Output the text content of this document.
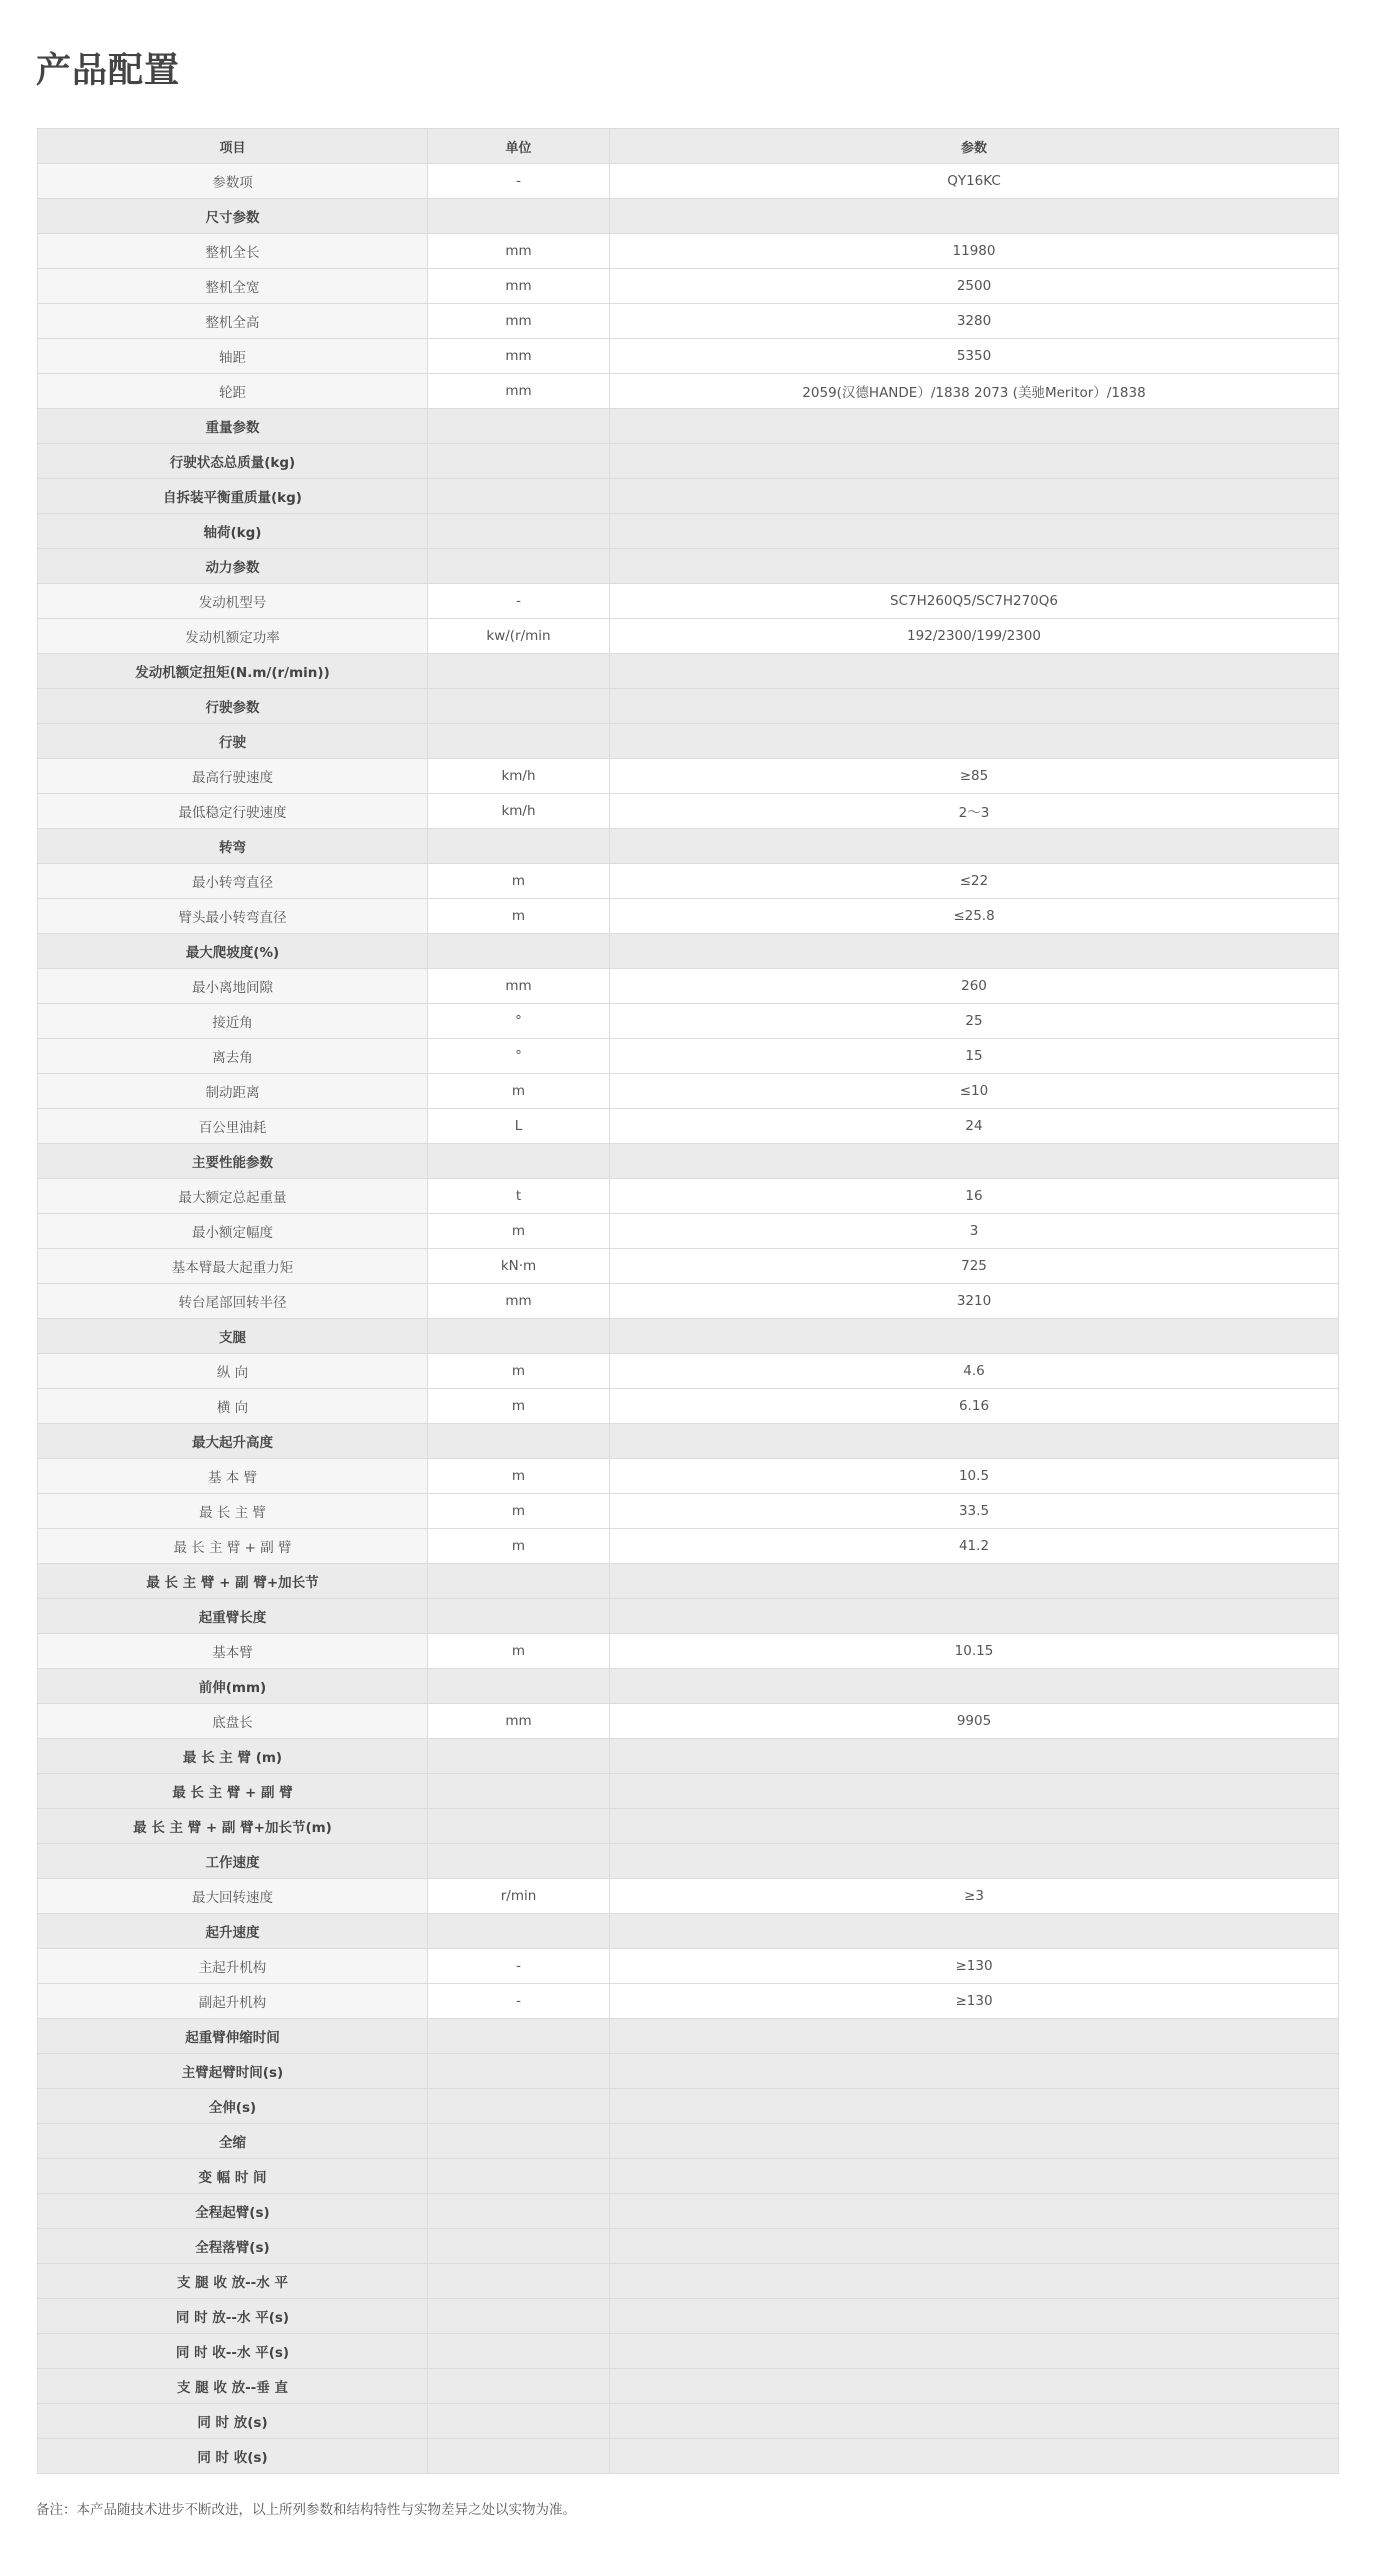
产品配置
项目	单位	参数
参数项	-	QY16KC
尺寸参数		
整机全长	mm	11980
整机全宽	mm	2500
整机全高	mm	3280
轴距	mm	5350
轮距	mm	2059(汉德HANDE）/1838 2073 (美驰Meritor）/1838
重量参数		
行驶状态总质量(kg)		
自拆装平衡重质量(kg)		
轴荷(kg)		
动力参数		
发动机型号	-	SC7H260Q5/SC7H270Q6
发动机额定功率	kw/(r/min	192/2300/199/2300
发动机额定扭矩(N.m/(r/min))		
行驶参数		
行驶		
最高行驶速度	km/h	≥85
最低稳定行驶速度	km/h	2～3
转弯		
最小转弯直径	m	≤22
臂头最小转弯直径	m	≤25.8
最大爬坡度(%)		
最小离地间隙	mm	260
接近角	°	25
离去角	°	15
制动距离	m	≤10
百公里油耗	L	24
主要性能参数		
最大额定总起重量	t	16
最小额定幅度	m	3
基本臂最大起重力矩	kN·m	725
转台尾部回转半径	mm	3210
支腿		
纵 向	m	4.6
横 向	m	6.16
最大起升高度		
基 本 臂	m	10.5
最 长 主 臂	m	33.5
最 长 主 臂 + 副 臂	m	41.2
最 长 主 臂 + 副 臂+加长节		
起重臂长度		
基本臂	m	10.15
前伸(mm)		
底盘长	mm	9905
最 长 主 臂 (m)		
最 长 主 臂 + 副 臂		
最 长 主 臂 + 副 臂+加长节(m)		
工作速度		
最大回转速度	r/min	≥3
起升速度		
主起升机构	-	≥130
副起升机构	-	≥130
起重臂伸缩时间		
主臂起臂时间(s)		
全伸(s)		
全缩		
变 幅 时 间		
全程起臂(s)		
全程落臂(s)		
支 腿 收 放--水 平		
同 时 放--水 平(s)		
同 时 收--水 平(s)		
支 腿 收 放--垂 直		
同 时 放(s)		
同 时 收(s)		

备注：本产品随技术进步不断改进，以上所列参数和结构特性与实物差异之处以实物为准。
